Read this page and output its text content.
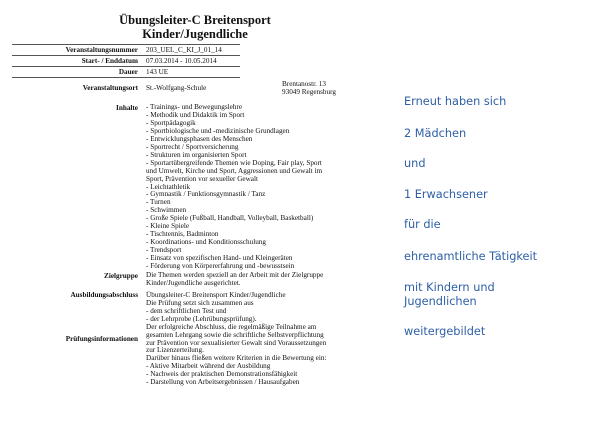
Übungsleiter-C Breitensport
Kinder/Jugendliche
Veranstaltungsnummer 203_UEL_C_KI_J_01_14
Start- / Enddatum 07.03.2014 - 10.05.2014
Dauer 143 UE
Veranstaltungsort St.-Wolfgang-Schule	Brentanostr. 13
93049 Regensburg
Inhalte - Trainings- und Bewegungslehre
- Methodik und Didaktik im Sport
- Sportpädagogik
- Sportbiologische und -medizinische Grundlagen
- Entwicklungsphasen des Menschen
- Sportrecht / Sportversicherung
- Strukturen im organisierten Sport
- Sportartübergreifende Themen wie Doping, Fair play, Sport
und Umwelt, Kirche und Sport, Aggressionen und Gewalt im
Sport, Prävention vor sexueller Gewalt
- Leichtathletik
- Gymnastik / Funktionsgymnastik / Tanz
- Turnen
- Schwimmen
- Große Spiele (Fußball, Handball, Volleyball, Basketball)
- Kleine Spiele
- Tischtennis, Badminton
- Koordinations- und Konditionsschulung
- Trendsport
- Einsatz von spezifischen Hand- und Kleingeräten
- Förderung von Körpererfahrung und -bewusstsein
Zielgruppe Die Themen werden speziell an der Arbeit mit der Zielgruppe
Kinder/Jugendliche ausgerichtet.
Ausbildungsabschluss Übungsleiter-C Breitensport Kinder/Jugendliche
Prüfungsinformationen
Die Prüfung setzt sich zusammen aus
- dem schriftlichen Test und
- der Lehrprobe (Lehrübungsprüfung).
Der erfolgreiche Abschluss, die regelmäßige Teilnahme am
gesamten Lehrgang sowie die schriftliche Selbstverpflichtung
zur Prävention vor sexualisierter Gewalt sind Voraussetzungen
zur Lizenzerteilung.
Darüber hinaus fließen weitere Kriterien in die Bewertung ein:
- Aktive Mitarbeit während der Ausbildung
- Nachweis der praktischen Demonstrationsfähigkeit
- Darstellung von Arbeitsergebnissen / Hausaufgaben
Erneut haben sich
2 Mädchen
und
1 Erwachsener
für die
ehrenamtliche Tätigkeit
mit Kindern und
Jugendlichen
weitergebildet
